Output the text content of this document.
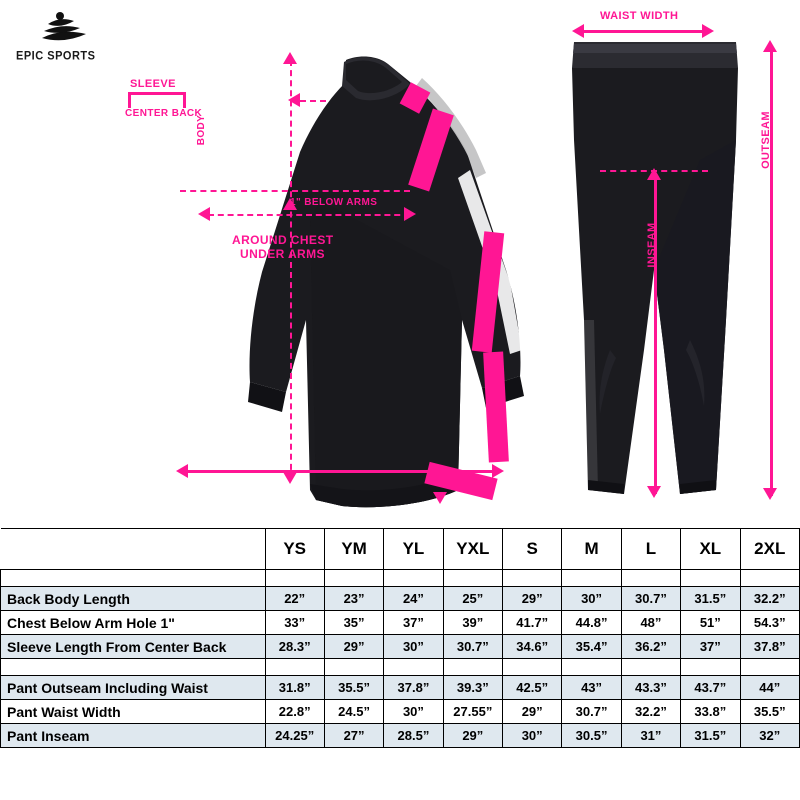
EPIC SPORTS
BODY
1" BELOW ARMS
AROUND CHEST
UNDER ARMS
SLEEVE
CENTER BACK
WAIST WIDTH
OUTSEAM
INSEAM
	YS	YM	YL	YXL	S	M	L	XL	2XL

Back Body Length	22”	23”	24”	25”	29”	30”	30.7”	31.5”	32.2”
Chest Below Arm Hole 1"	33”	35”	37”	39”	41.7”	44.8”	48”	51”	54.3”
Sleeve Length From Center Back	28.3”	29”	30”	30.7”	34.6”	35.4”	36.2”	37”	37.8”

Pant Outseam Including Waist	31.8”	35.5”	37.8”	39.3”	42.5”	43”	43.3”	43.7”	44”
Pant Waist Width	22.8”	24.5”	30”	27.55”	29”	30.7”	32.2”	33.8”	35.5”
Pant Inseam	24.25”	27”	28.5”	29”	30”	30.5”	31”	31.5”	32”
